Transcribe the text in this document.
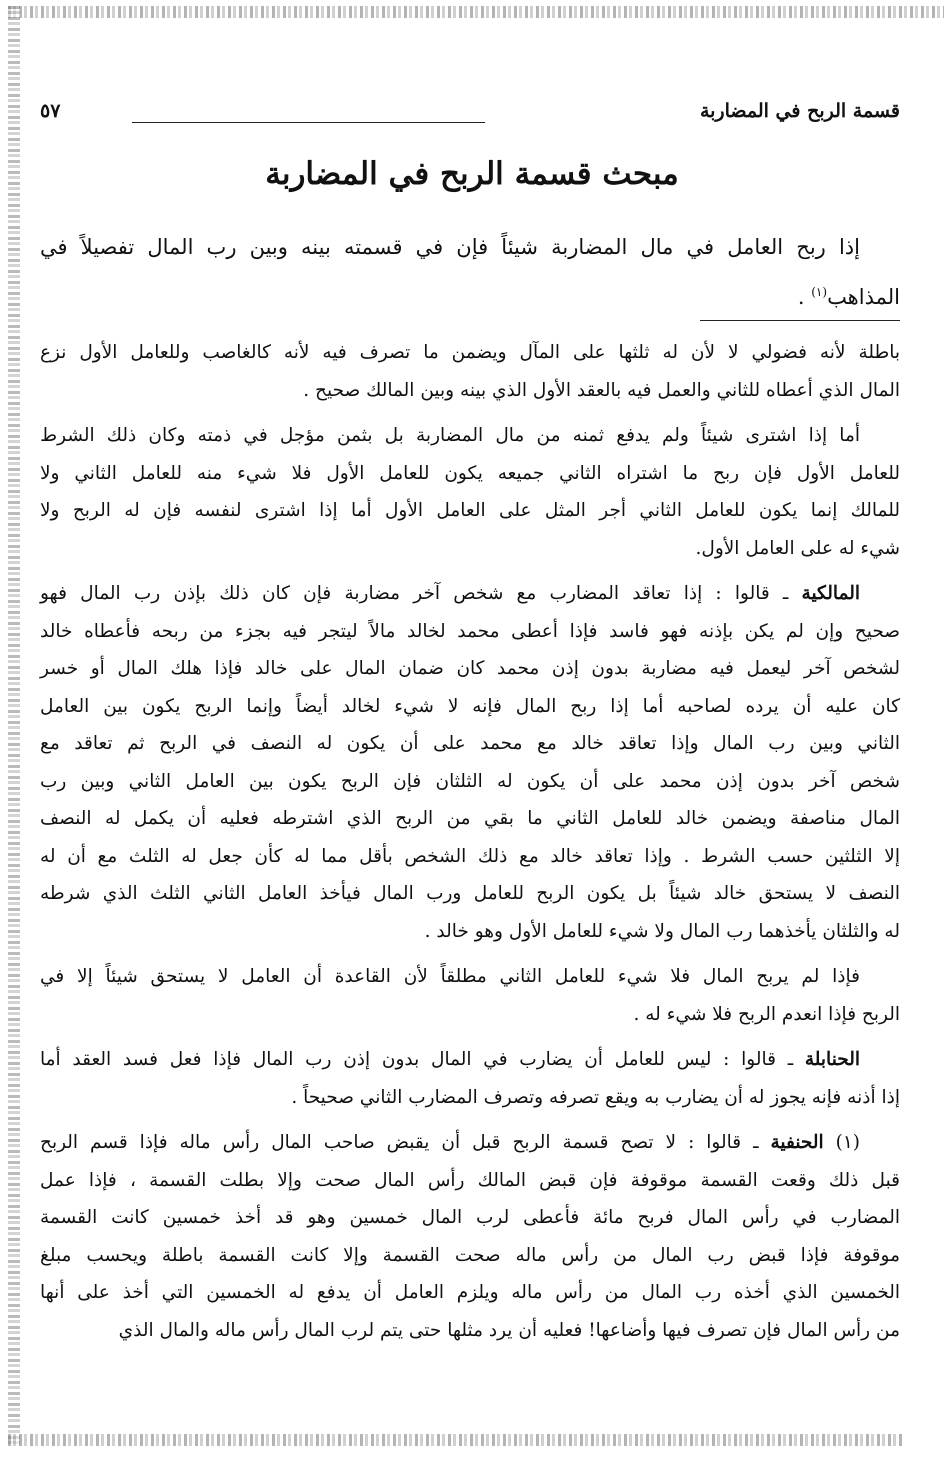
قسمة الربح في المضاربة
٥٧
مبحث قسمة الربح في المضاربة
إذا ربح العامل في مال المضاربة شيئاً فإن في قسمته بينه وبين رب المال تفصيلاً في
المذاهب$^{(١)}$ .
باطلة لأنه فضولي لا لأن له ثلثها على المآل ويضمن ما تصرف فيه لأنه كالغاصب وللعامل الأول نزع
المال الذي أعطاه للثاني والعمل فيه بالعقد الأول الذي بينه وبين المالك صحيح .
أما إذا اشترى شيئاً ولم يدفع ثمنه من مال المضاربة بل بثمن مؤجل في ذمته وكان ذلك الشرط
للعامل الأول فإن ربح ما اشتراه الثاني جميعه يكون للعامل الأول فلا شيء منه للعامل الثاني ولا
للمالك إنما يكون للعامل الثاني أجر المثل على العامل الأول أما إذا اشترى لنفسه فإن له الربح ولا
شيء له على العامل الأول.
المالكية ـ قالوا : إذا تعاقد المضارب مع شخص آخر مضاربة فإن كان ذلك بإذن رب المال فهو
صحيح وإن لم يكن بإذنه فهو فاسد فإذا أعطى محمد لخالد مالاً ليتجر فيه بجزء من ربحه فأعطاه خالد
لشخص آخر ليعمل فيه مضاربة بدون إذن محمد كان ضمان المال على خالد فإذا هلك المال أو خسر
كان عليه أن يرده لصاحبه أما إذا ربح المال فإنه لا شيء لخالد أيضاً وإنما الربح يكون بين العامل
الثاني وبين رب المال وإذا تعاقد خالد مع محمد على أن يكون له النصف في الربح ثم تعاقد مع
شخص آخر بدون إذن محمد على أن يكون له الثلثان فإن الربح يكون بين العامل الثاني وبين رب
المال مناصفة ويضمن خالد للعامل الثاني ما بقي من الربح الذي اشترطه فعليه أن يكمل له النصف
إلا الثلثين حسب الشرط . وإذا تعاقد خالد مع ذلك الشخص بأقل مما له كأن جعل له الثلث مع أن له
النصف لا يستحق خالد شيئاً بل يكون الربح للعامل ورب المال فيأخذ العامل الثاني الثلث الذي شرطه
له والثلثان يأخذهما رب المال ولا شيء للعامل الأول وهو خالد .
فإذا لم يربح المال فلا شيء للعامل الثاني مطلقاً لأن القاعدة أن العامل لا يستحق شيئاً إلا في
الربح فإذا انعدم الربح فلا شيء له .
الحنابلة ـ قالوا : ليس للعامل أن يضارب في المال بدون إذن رب المال فإذا فعل فسد العقد أما
إذا أذنه فإنه يجوز له أن يضارب به ويقع تصرفه وتصرف المضارب الثاني صحيحاً .
(١) الحنفية ـ قالوا : لا تصح قسمة الربح قبل أن يقبض صاحب المال رأس ماله فإذا قسم الربح
قبل ذلك وقعت القسمة موقوفة فإن قبض المالك رأس المال صحت وإلا بطلت القسمة ، فإذا عمل
المضارب في رأس المال فربح مائة فأعطى لرب المال خمسين وهو قد أخذ خمسين كانت القسمة
موقوفة فإذا قبض رب المال من رأس ماله صحت القسمة وإلا كانت القسمة باطلة ويحسب مبلغ
الخمسين الذي أخذه رب المال من رأس ماله ويلزم العامل أن يدفع له الخمسين التي أخذ على أنها
من رأس المال فإن تصرف فيها وأضاعها! فعليه أن يرد مثلها حتى يتم لرب المال رأس ماله والمال الذي
